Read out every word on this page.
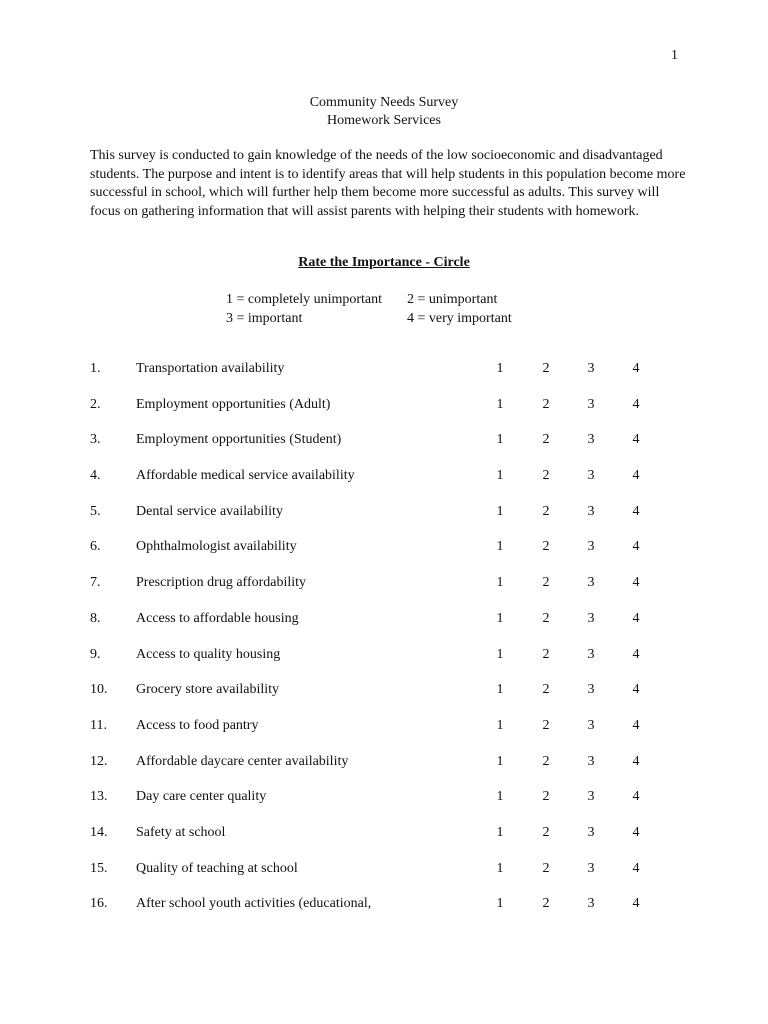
1
Community Needs Survey
Homework Services
This survey is conducted to gain knowledge of the needs of the low socioeconomic and disadvantaged students. The purpose and intent is to identify areas that will help students in this population become more successful in school, which will further help them become more successful as adults. This survey will focus on gathering information that will assist parents with helping their students with homework.
Rate the Importance - Circle
1 = completely unimportant	2 = unimportant
3 = important	4 = very important
1.	Transportation availability	1	2	3	4
2.	Employment opportunities (Adult)	1	2	3	4
3.	Employment opportunities (Student)	1	2	3	4
4.	Affordable medical service availability	1	2	3	4
5.	Dental service availability	1	2	3	4
6.	Ophthalmologist availability	1	2	3	4
7.	Prescription drug affordability	1	2	3	4
8.	Access to affordable housing	1	2	3	4
9.	Access to quality housing	1	2	3	4
10. Grocery store availability	1	2	3	4
11. Access to food pantry	1	2	3	4
12. Affordable daycare center availability	1	2	3	4
13. Day care center quality	1	2	3	4
14. Safety at school	1	2	3	4
15. Quality of teaching at school	1	2	3	4
16. After school youth activities (educational,	1	2	3	4
